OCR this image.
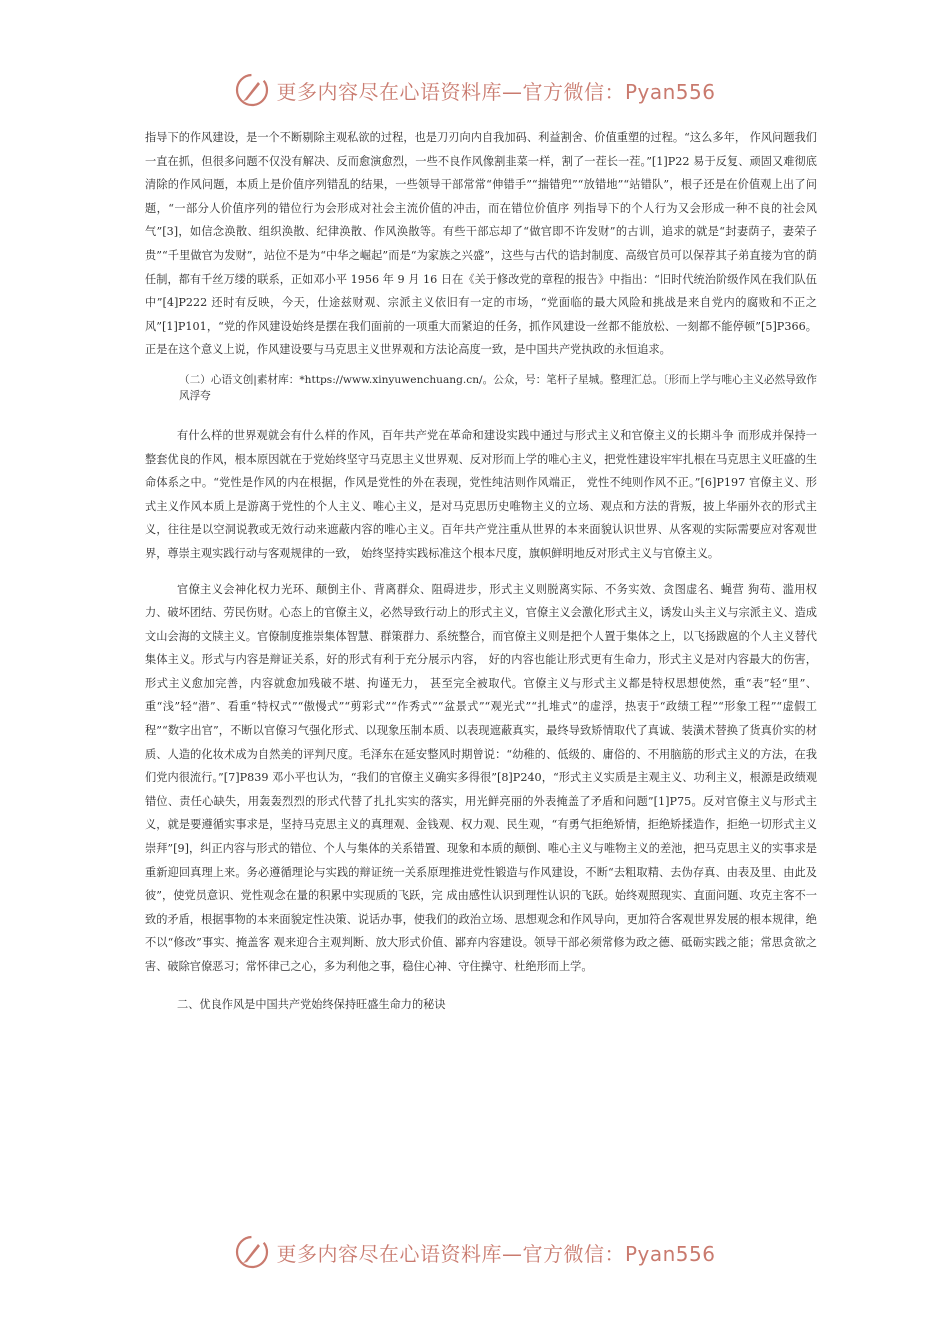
更多内容尽在心语资料库—官方微信：Pyan556

指导下的作风建设，是一个不断剔除主观私欲的过程，也是刀刃向内自我加码、利益割舍、价值重塑的过程。“这么多年， 作风问题我们一直在抓，但很多问题不仅没有解决、反而愈演愈烈，一些不良作风像割韭菜一样，割了一茬长一茬。”[1]P22 易于反复、顽固又难彻底清除的作风问题，本质上是价值序列错乱的结果，一些领导干部常常“伸错手”“揣错兜”“放错地”“站错队”，根子还是在价值观上出了问题，“一部分人价值序列的错位行为会形成对社会主流价值的冲击，而在错位价值序 列指导下的个人行为又会形成一种不良的社会风气”[3]，如信念涣散、组织涣散、纪律涣散、作风涣散等。有些干部忘却了“做官即不许发财”的古训，追求的就是“封妻荫子，妻荣子贵”“千里做官为发财”，站位不是为“中华之崛起”而是“为家族之兴盛”，这些与古代的诰封制度、高级官员可以保荐其子弟直接为官的荫任制，都有千丝万缕的联系，正如邓小平 1956 年 9 月 16 日在《关于修改党的章程的报告》中指出：“旧时代统治阶级作风在我们队伍中”[4]P222 还时有反映，今天，仕途兹财观、宗派主义依旧有一定的市场，“党面临的最大风险和挑战是来自党内的腐败和不正之风”[1]P101，“党的作风建设始终是摆在我们面前的一项重大而紧迫的任务，抓作风建设一丝都不能放松、一刻都不能停顿”[5]P366。正是在这个意义上说，作风建设要与马克思主义世界观和方法论高度一致，是中国共产党执政的永恒追求。

（二）心语文创|素材库：*https://www.xinyuwenchuang.cn/。公众，号：笔杆子星城。整理汇总。〔形而上学与唯心主义必然导致作风浮夸

有什么样的世界观就会有什么样的作风，百年共产党在革命和建设实践中通过与形式主义和官僚主义的长期斗争 而形成并保持一整套优良的作风，根本原因就在于党始终坚守马克思主义世界观、反对形而上学的唯心主义，把党性建设牢牢扎根在马克思主义旺盛的生命体系之中。“党性是作风的内在根据，作风是党性的外在表现，党性纯洁则作风端正， 党性不纯则作风不正。”[6]P197 官僚主义、形式主义作风本质上是游离于党性的个人主义、唯心主义，是对马克思历史唯物主义的立场、观点和方法的背叛，披上华丽外衣的形式主义，往往是以空洞说教或无效行动来遮蔽内容的唯心主义。百年共产党注重从世界的本来面貌认识世界、从客观的实际需要应对客观世界，尊崇主观实践行动与客观规律的一致， 始终坚持实践标准这个根本尺度，旗帜鲜明地反对形式主义与官僚主义。

官僚主义会神化权力光环、颠倒主仆、背离群众、阻碍进步，形式主义则脱离实际、不务实效、贪图虚名、蝇营 狗苟、滥用权力、破坏团结、劳民伤财。心态上的官僚主义，必然导致行动上的形式主义，官僚主义会激化形式主义，诱发山头主义与宗派主义、造成文山会海的文牍主义。官僚制度推崇集体智慧、群策群力、系统整合，而官僚主义则是把个人置于集体之上，以飞扬跋扈的个人主义替代集体主义。形式与内容是辩证关系，好的形式有利于充分展示内容， 好的内容也能让形式更有生命力，形式主义是对内容最大的伤害，形式主义愈加完善，内容就愈加残破不堪、拘谨无力， 甚至完全被取代。官僚主义与形式主义都是特权思想使然，重“表”轻“里”、重“浅”轻“潜”、看重“特权式”“傲慢式”“剪彩式”“作秀式”“盆景式”“观光式”“扎堆式”的虚浮，热衷于“政绩工程”“形象工程”“虚假工程”“数字出官”，不断以官僚习气强化形式、以现象压制本质、以表现遮蔽真实，最终导致矫情取代了真诚、装潢术替换了货真价实的材质、人造的化妆术成为自然美的评判尺度。毛泽东在延安整风时期曾说：“幼稚的、低级的、庸俗的、不用脑筋的形式主义的方法，在我们党内很流行。”[7]P839 邓小平也认为，“我们的官僚主义确实多得很”[8]P240，“形式主义实质是主观主义、功利主义，根源是政绩观错位、责任心缺失，用轰轰烈烈的形式代替了扎扎实实的落实，用光鲜亮丽的外表掩盖了矛盾和问题”[1]P75。反对官僚主义与形式主义，就是要遵循实事求是，坚持马克思主义的真理观、金钱观、权力观、民生观，“有勇气拒绝矫情，拒绝矫揉造作，拒绝一切形式主义崇拜”[9]，纠正内容与形式的错位、个人与集体的关系错置、现象和本质的颠倒、唯心主义与唯物主义的差池，把马克思主义的实事求是重新迎回真理上来。务必遵循理论与实践的辩证统一关系原理推进党性锻造与作风建设，不断“去粗取精、去伪存真、由表及里、由此及彼”，使党员意识、党性观念在量的积累中实现质的飞跃，完 成由感性认识到理性认识的飞跃。始终观照现实、直面问题、攻克主客不一致的矛盾，根据事物的本来面貌定性决策、说话办事，使我们的政治立场、思想观念和作风导向，更加符合客观世界发展的根本规律，绝不以“修改”事实、掩盖客 观来迎合主观判断、放大形式价值、鄙弃内容建设。领导干部必须常修为政之德、砥砺实践之能；常思贪欲之害、破除官僚恶习；常怀律己之心，多为利他之事，稳住心神、守住操守、杜绝形而上学。

二、优良作风是中国共产党始终保持旺盛生命力的秘诀

更多内容尽在心语资料库—官方微信：Pyan556
